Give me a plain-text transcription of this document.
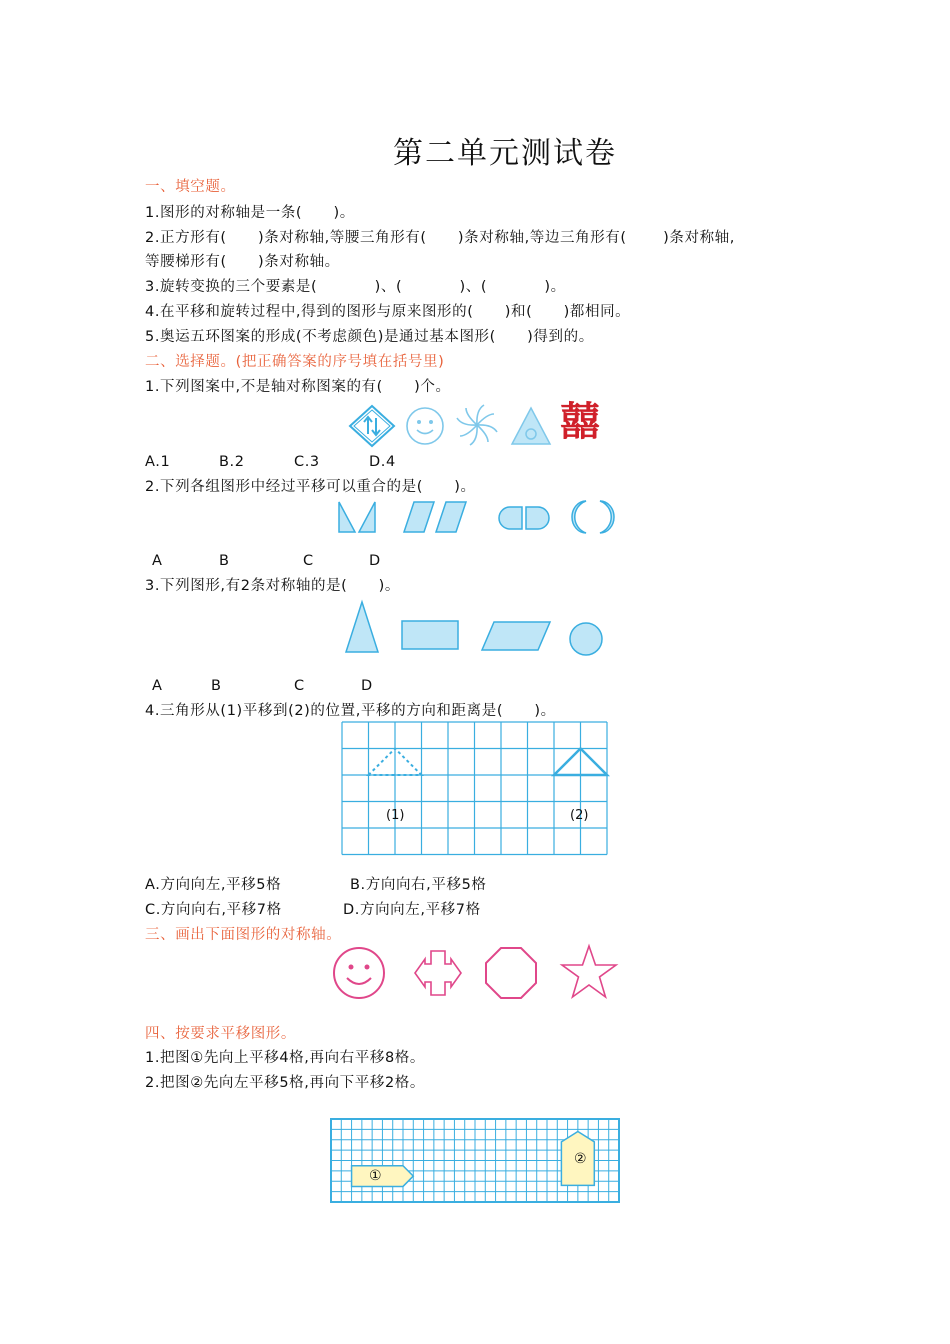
第二单元测试卷
一、填空题。
1.图形的对称轴是一条(      )。
2.正方形有(      )条对称轴,等腰三角形有(      )条对称轴,等边三角形有(       )条对称轴,
等腰梯形有(      )条对称轴。
3.旋转变换的三个要素是(           )、(           )、(           )。
4.在平移和旋转过程中,得到的图形与原来图形的(      )和(      )都相同。
5.奥运五环图案的形成(不考虑颜色)是通过基本图形(      )得到的。
二、选择题。(把正确答案的序号填在括号里)
1.下列图案中,不是轴对称图案的有(      )个。
囍
A.1	B.2	C.3	D.4
2.下列各组图形中经过平移可以重合的是(      )。
A	B	C	D
3.下列图形,有2条对称轴的是(      )。
A	B	C	D
4.三角形从(1)平移到(2)的位置,平移的方向和距离是(      )。
(1)	(2)
A.方向向左,平移5格	B.方向向右,平移5格
C.方向向右,平移7格	D.方向向左,平移7格
三、画出下面图形的对称轴。
四、按要求平移图形。
1.把图①先向上平移4格,再向右平移8格。
2.把图②先向左平移5格,再向下平移2格。
①
②
